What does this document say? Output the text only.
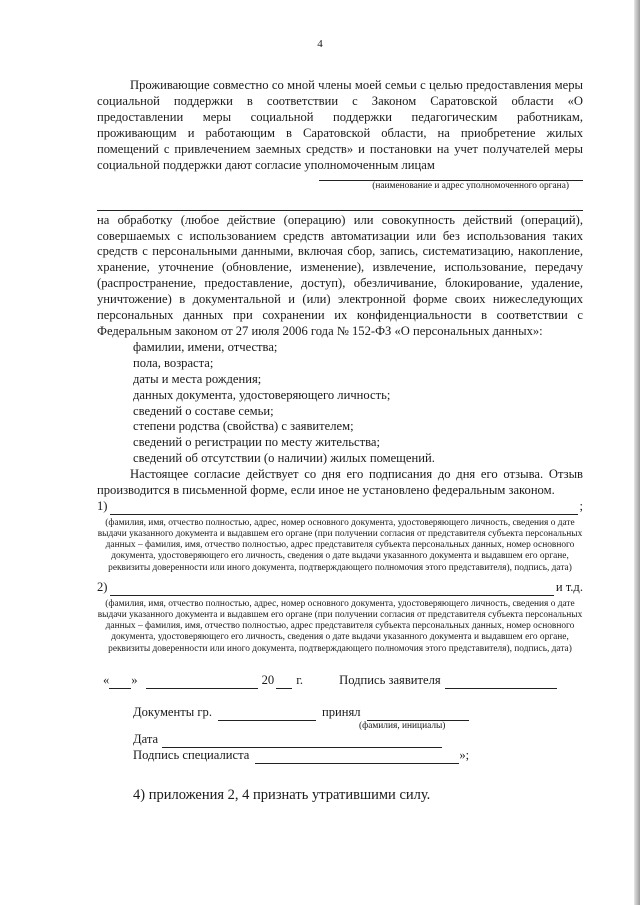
4

Проживающие совместно со мной члены моей семьи с целью предоставления меры социальной поддержки в соответствии с Законом Саратовской области «О предоставлении меры социальной поддержки педагогическим работникам, проживающим и работающим в Саратовской области, на приобретение жилых помещений с привлечением заемных средств» и постановки на учет получателей меры социальной поддержки дают согласие уполномоченным лицам

(наименование и адрес уполномоченного органа)

на обработку (любое действие (операцию) или совокупность действий (операций), совершаемых с использованием средств автоматизации или без использования таких средств с персональными данными, включая сбор, запись, систематизацию, накопление, хранение, уточнение (обновление, изменение), извлечение, использование, передачу (распространение, предоставление, доступ), обезличивание, блокирование, удаление, уничтожение) в документальной и (или) электронной форме своих нижеследующих персональных данных при сохранении их конфиденциальности в соответствии с Федеральным законом от 27 июля 2006 года № 152-ФЗ «О персональных данных»:

фамилии, имени, отчества;
пола, возраста;
даты и места рождения;
данных документа, удостоверяющего личность;
сведений о составе семьи;
степени родства (свойства) с заявителем;
сведений о регистрации по месту жительства;
сведений об отсутствии (о наличии) жилых помещений.

Настоящее согласие действует со дня его подписания до дня его отзыва. Отзыв производится в письменной форме, если иное не установлено федеральным законом.

1)	;

(фамилия, имя, отчество полностью, адрес, номер основного документа, удостоверяющего личность, сведения о дате выдачи указанного документа и выдавшем его органе (при получении согласия от представителя субъекта персональных данных – фамилия, имя, отчество полностью, адрес представителя субъекта персональных данных, номер основного документа, удостоверяющего его личность, сведения о дате выдачи указанного документа и выдавшем его органе, реквизиты доверенности или иного документа, подтверждающего полномочия этого представителя), подпись, дата)

2)	и т.д.

(фамилия, имя, отчество полностью, адрес, номер основного документа, удостоверяющего личность, сведения о дате выдачи указанного документа и выдавшем его органе (при получении согласия от представителя субъекта персональных данных – фамилия, имя, отчество полностью, адрес представителя субъекта персональных данных, номер основного документа, удостоверяющего его личность, сведения о дате выдачи указанного документа и выдавшем его органе, реквизиты доверенности или иного документа, подтверждающего полномочия этого представителя), подпись, дата)

« »	20 г.	Подпись заявителя
Документы гр.	принял
(фамилия, инициалы)
Дата
Подпись специалиста	»;
4) приложения 2, 4 признать утратившими силу.
